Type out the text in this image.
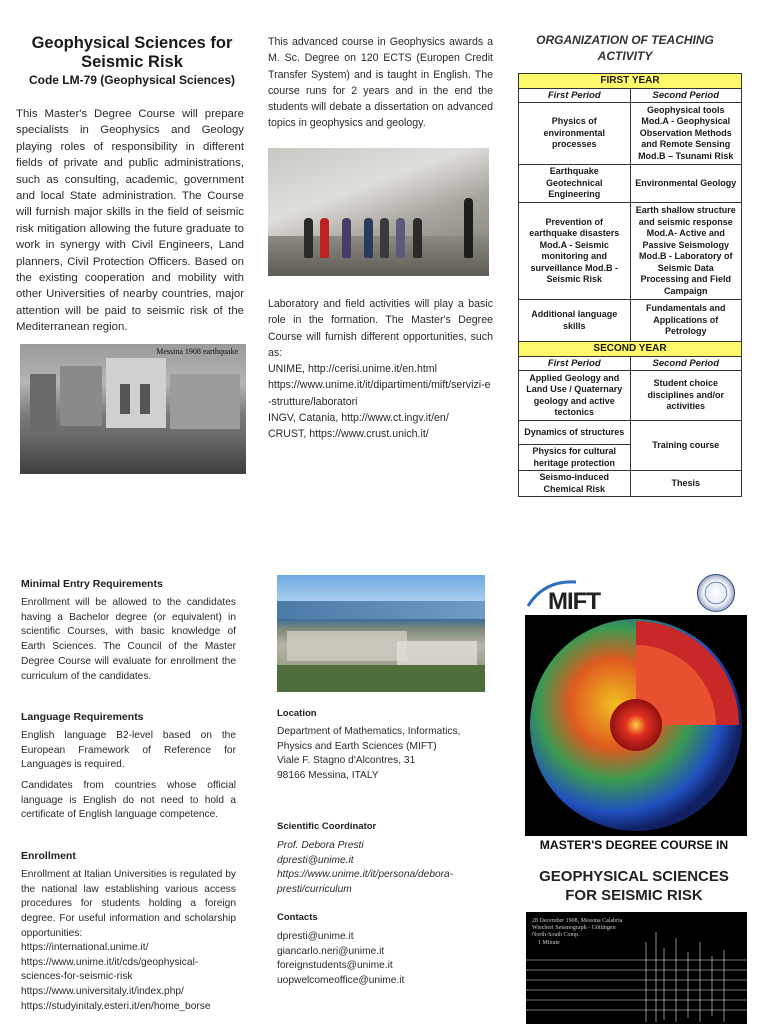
Geophysical Sciences for Seismic Risk
Code LM-79 (Geophysical Sciences)
This Master's Degree Course will prepare specialists in Geophysics and Geology playing roles of responsibility in different fields of private and public administrations, such as consulting, academic, government and local State administration. The Course will furnish major skills in the field of seismic risk mitigation allowing the future graduate to work in synergy with Civil Engineers, Land planners, Civil Protection Officers. Based on the existing cooperation and mobility with other Universities of nearby countries, major attention will be paid to seismic risk of the Mediterranean region.
Messina 1908 earthquake
This advanced course in Geophysics awards a M. Sc. Degree on 120 ECTS (Europen Credit Transfer System) and is taught in English. The course runs for 2 years and in the end the students will debate a dissertation on advanced topics in geophysics and geology.
Laboratory and field activities will play a basic role in the formation. The Master's Degree Course will furnish different opportunities, such as:
UNIME, http://cerisi.unime.it/en.html
https://www.unime.it/it/dipartimenti/mift/servizi-e-strutture/laboratori
INGV, Catania, http://www.ct.ingv.it/en/
CRUST, https://www.crust.unich.it/
ORGANIZATION OF TEACHING ACTIVITY
FIRST YEAR	
First Period	Second Period
Physics of environmental processes	Geophysical tools Mod.A - Geophysical Observation Methods and Remote Sensing Mod.B – Tsunami Risk
Earthquake Geotechnical Engineering	Environmental Geology
Prevention of earthquake disasters Mod.A - Seismic monitoring and surveillance Mod.B - Seismic Risk	Earth shallow structure and seismic response Mod.A- Active and Passive Seismology Mod.B - Laboratory of Seismic Data Processing and Field Campaign
Additional language skills	Fundamentals and Applications of Petrology
SECOND YEAR	
First Period	Second Period
Applied Geology and Land Use / Quaternary geology and active tectonics	Student choice disciplines and/or activities
Dynamics of structures	Training course
Physics for cultural heritage protection	
Seismo-induced Chemical Risk	Thesis
Minimal Entry Requirements
Enrollment will be allowed to the candidates having a Bachelor degree (or equivalent) in scientific Courses, with basic knowledge of Earth Sciences. The Council of the Master Degree Course will evaluate for enrollment the curriculum of the candidates.
Language Requirements
English language B2-level based on the European Framework of Reference for Languages is required.
Candidates from countries whose official language is English do not need to hold a certificate of English language competence.
Enrollment
Enrollment at Italian Universities is regulated by the national law establishing various access procedures for students holding a foreign degree. For useful information and scholarship opportunities:
https://international.unime.it/
https://www.unime.it/it/cds/geophysical-sciences-for-seismic-risk
https://www.universitaly.it/index.php/
https://studyinitaly.esteri.it/en/home_borse
Location
Department of Mathematics, Informatics, Physics and Earth Sciences (MIFT)
Viale F. Stagno d'Alcontres, 31
98166 Messina, ITALY
Scientific Coordinator
Prof. Debora Presti
dpresti@unime.it
https://www.unime.it/it/persona/debora-presti/curriculum
Contacts
dpresti@unime.it
giancarlo.neri@unime.it
foreignstudents@unime.it
uopwelcomeoffice@unime.it
MIFT
MASTER'S DEGREE COURSE IN
GEOPHYSICAL SCIENCES FOR SEISMIC RISK
28 December 1908, Messina Calabria
Wiechert Seismograph - Göttingen
North-South Comp.
1 Minute
